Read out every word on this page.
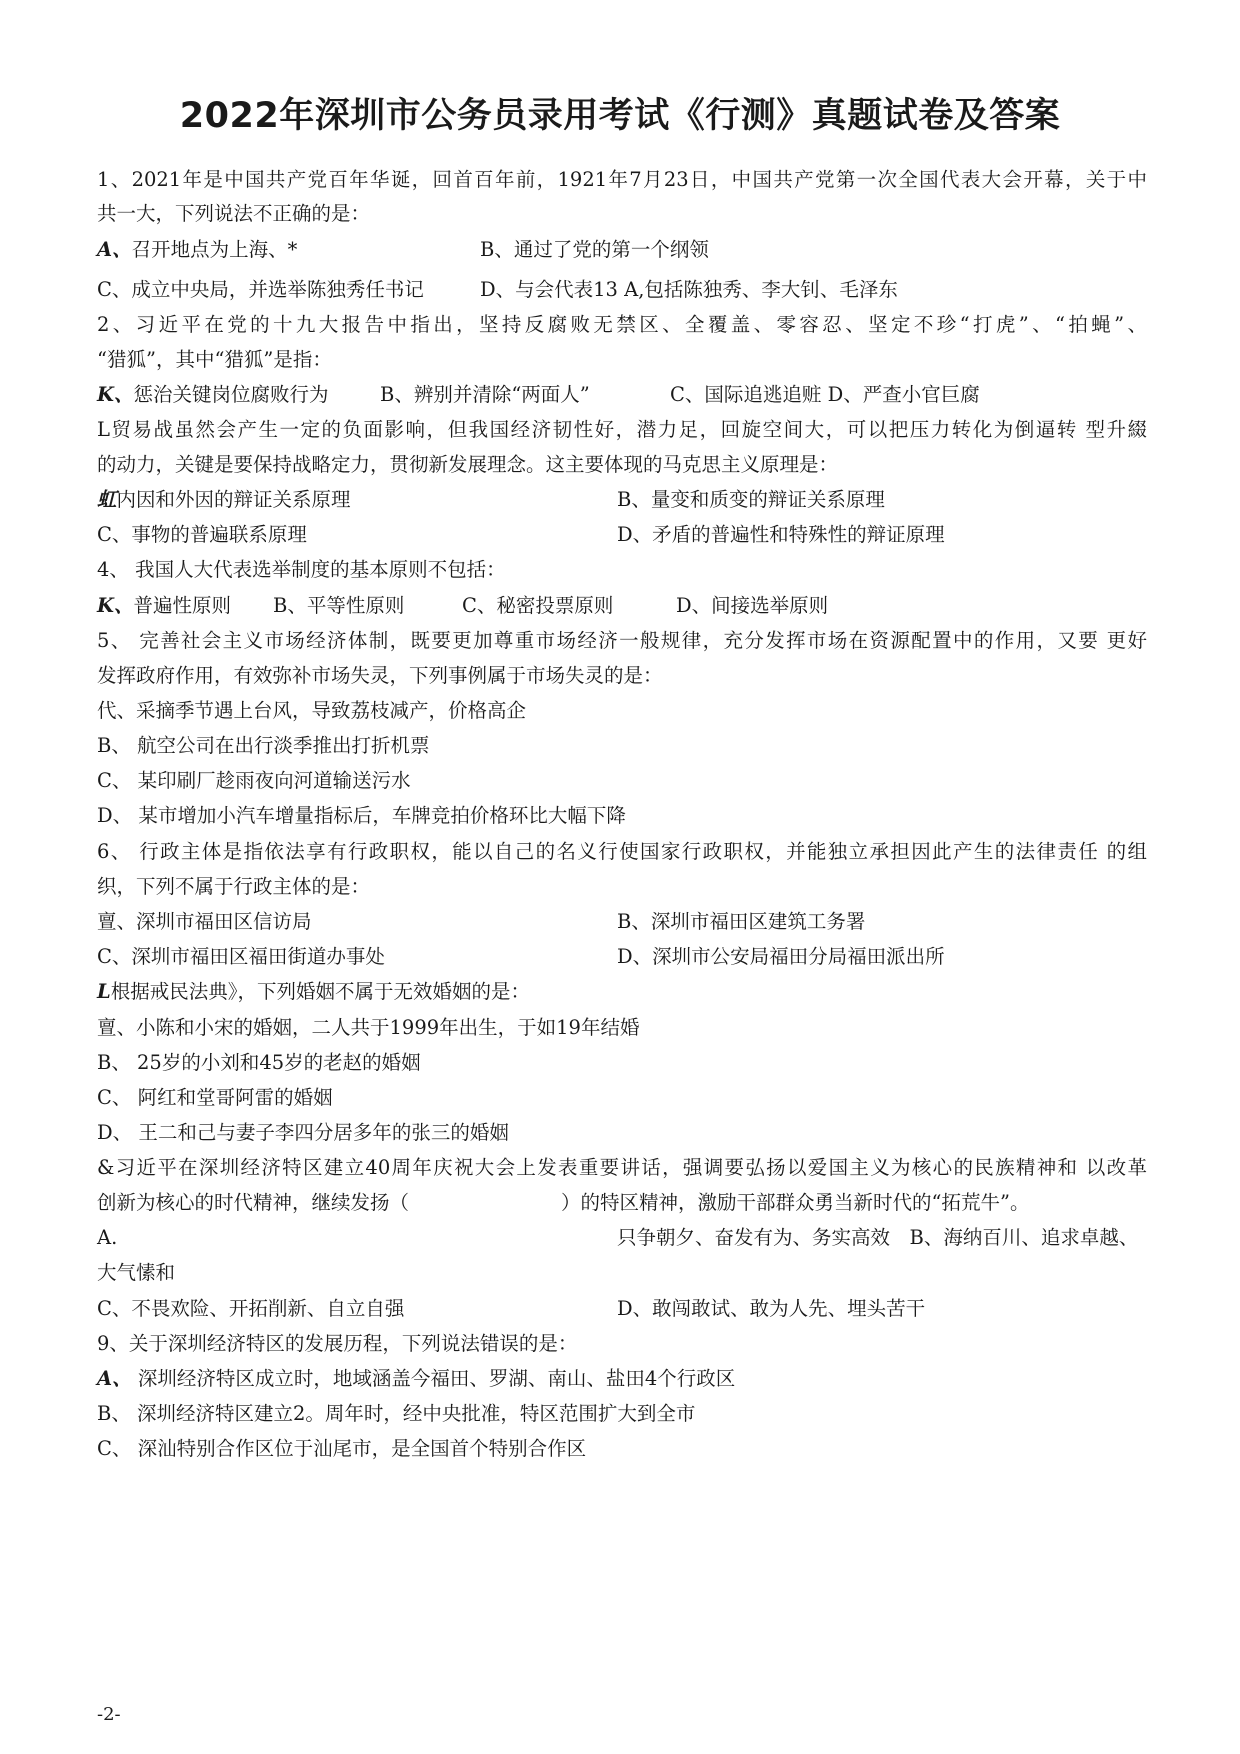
2022年深圳市公务员录用考试《行测》真题试卷及答案
1、2021年是中国共产党百年华诞，回首百年前，1921年7月23日，中国共产党第一次全国代表大会开幕，关于中
共一大，下列说法不正确的是：
A、召开地点为上海、*	B、通过了党的第一个纲领
C、成立中央局，并选举陈独秀任书记	D、与会代表13 A,包括陈独秀、李大钊、毛泽东
2、习近平在党的十九大报告中指出，坚持反腐败无禁区、全覆盖、零容忍、坚定不珍“打虎”、“拍蝇”、
“猎狐”，其中“猎狐”是指：
K、惩治关键岗位腐败行为	B、辨别并清除“两面人”	C、国际追逃追赃 D、严查小官巨腐
L贸易战虽然会产生一定的负面影响，但我国经济韧性好，潜力足，回旋空间大，可以把压力转化为倒逼转 型升綴
的动力，关键是要保持战略定力，贯彻新发展理念。这主要体现的马克思主义原理是：
虹内因和外因的辩证关系原理	B、量变和质变的辩证关系原理
C、事物的普遍联系原理	D、矛盾的普遍性和特殊性的辩证原理
4、 我国人大代表选举制度的基本原则不包括：
K、普遍性原则 B、平等性原则	C、秘密投票原则	D、间接选举原则
5、 完善社会主义市场经济体制，既要更加尊重市场经济一般规律，充分发挥市场在资源配置中的作用，又要 更好
发挥政府作用，有效弥补市场失灵，下列事例属于市场失灵的是：
代、采摘季节遇上台风，导致荔枝减产，价格高企
B、 航空公司在出行淡季推出打折机票
C、 某印刷厂趁雨夜向河道输送污水
D、 某市增加小汽车增量指标后，车牌竞拍价格环比大幅下降
6、 行政主体是指依法享有行政职权，能以自己的名义行使国家行政职权，并能独立承担因此产生的法律责任 的组
织，下列不属于行政主体的是：
亶、深圳市福田区信访局	B、深圳市福田区建筑工务署
C、深圳市福田区福田街道办事处	D、深圳市公安局福田分局福田派出所
L根据戒民法典》，下列婚姻不属于无效婚姻的是：
亶、小陈和小宋的婚姻，二人共于1999年出生，于如19年结婚
B、 25岁的小刘和45岁的老赵的婚姻
C、 阿红和堂哥阿雷的婚姻
D、 王二和己与妻子李四分居多年的张三的婚姻
&习近平在深圳经济特区建立40周年庆祝大会上发表重要讲话，强调要弘扬以爱国主义为核心的民族精神和 以改革
创新为核心的时代精神，继续发扬（	）的特区精神，激励干部群众勇当新时代的“拓荒牛”。
A.	只争朝夕、奋发有为、务实高效　B、海纳百川、追求卓越、
大气愫和
C、不畏欢险、开拓削新、自立自强	D、敢闯敢试、敢为人先、埋头苦干
9、关于深圳经济特区的发展历程，下列说法错误的是：
A、 深圳经济特区成立时，地域涵盖今福田、罗湖、南山、盐田4个行政区
B、 深圳经济特区建立2。周年时，经中央批准，特区范围扩大到全市
C、 深汕特别合作区位于汕尾市，是全国首个特别合作区
-2-
